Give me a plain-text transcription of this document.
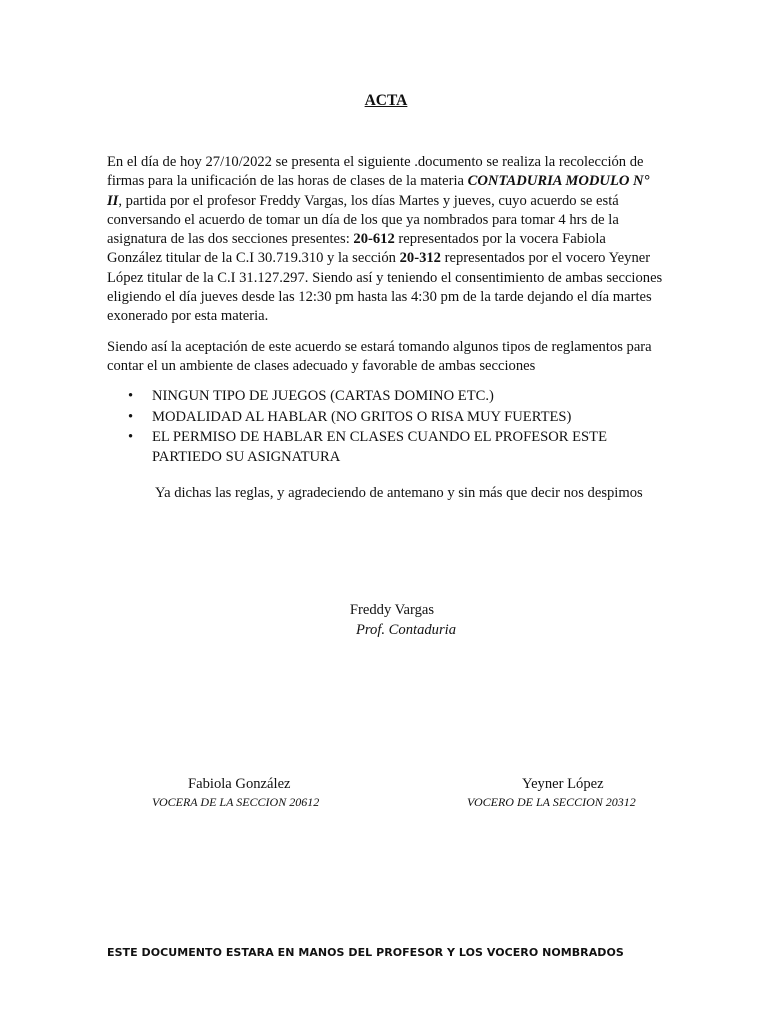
ACTA
En el día de hoy 27/10/2022 se presenta el siguiente .documento se realiza la recolección de firmas para la unificación de las horas de clases de la materia CONTADURIA MODULO N° II, partida por el profesor Freddy Vargas, los días Martes y jueves, cuyo acuerdo se está conversando el acuerdo de tomar un día de los que ya nombrados para tomar 4 hrs de la asignatura de las dos secciones presentes: 20-612 representados por la vocera Fabiola González titular de la C.I 30.719.310 y la sección 20-312 representados por el vocero Yeyner López titular de la C.I 31.127.297. Siendo así y teniendo el consentimiento de ambas secciones eligiendo el día jueves desde las 12:30 pm hasta las 4:30 pm de la tarde dejando el día martes exonerado por esta materia.
Siendo así la aceptación de este acuerdo se estará tomando algunos tipos de reglamentos para contar el un ambiente de clases adecuado y favorable de ambas secciones
• NINGUN TIPO DE JUEGOS (CARTAS DOMINO ETC.)
• MODALIDAD AL HABLAR (NO GRITOS O RISA MUY FUERTES)
• EL PERMISO DE HABLAR EN CLASES CUANDO EL PROFESOR ESTE PARTIEDO SU ASIGNATURA
Ya dichas las reglas, y agradeciendo de antemano y sin más que decir nos despimos
Freddy Vargas
Prof. Contaduria
Fabiola González
VOCERA DE LA SECCION 20612
Yeyner López
VOCERO DE LA SECCION 20312
ESTE DOCUMENTO ESTARA EN MANOS DEL PROFESOR Y LOS VOCERO NOMBRADOS
